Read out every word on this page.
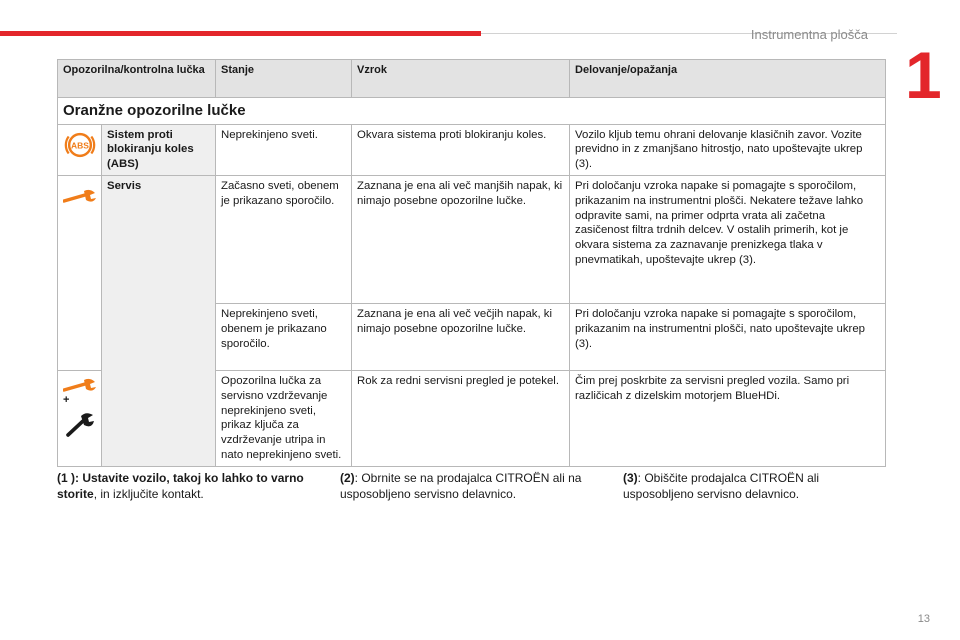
Instrumentna plošča
1
Opozorilna/kontrolna lučka		Stanje	Vzrok	Delovanje/opažanja
Oranžne opozorilne lučke				

ABS	Sistem proti blokiranju koles (ABS)	Neprekinjeno sveti.	Okvara sistema proti blokiranju koles.	Vozilo kljub temu ohrani delovanje klasičnih zavor. Vozite previdno in z zmanjšano hitrostjo, nato upoštevajte ukrep (3).

	Servis	Začasno sveti, obenem je prikazano sporočilo.	Zaznana je ena ali več manjših napak, ki nimajo posebne opozorilne lučke.	Pri določanju vzroka napake si pomagajte s sporočilom, prikazanim na instrumentni plošči. Nekatere težave lahko odpravite sami, na primer odprta vrata ali začetna zasičenost filtra trdnih delcev. V ostalih primerih, kot je okvara sistema za zaznavanje prenizkega tlaka v pnevmatikah, upoštevajte ukrep (3).
		Neprekinjeno sveti, obenem je prikazano sporočilo.	Zaznana je ena ali več večjih napak, ki nimajo posebne opozorilne lučke.	Pri določanju vzroka napake si pomagajte s sporočilom, prikazanim na instrumentni plošči, nato upoštevajte ukrep (3).

+		Opozorilna lučka za servisno vzdrževanje neprekinjeno sveti, prikaz ključa za vzdrževanje utripa in nato neprekinjeno sveti.	Rok za redni servisni pregled je potekel.	Čim prej poskrbite za servisni pregled vozila. Samo pri različicah z dizelskim motorjem BlueHDi.
(1 ): Ustavite vozilo, takoj ko lahko to varno storite, in izključite kontakt.
(2): Obrnite se na prodajalca CITROËN ali na usposobljeno servisno delavnico.
(3): Obiščite prodajalca CITROËN ali usposobljeno servisno delavnico.
13
